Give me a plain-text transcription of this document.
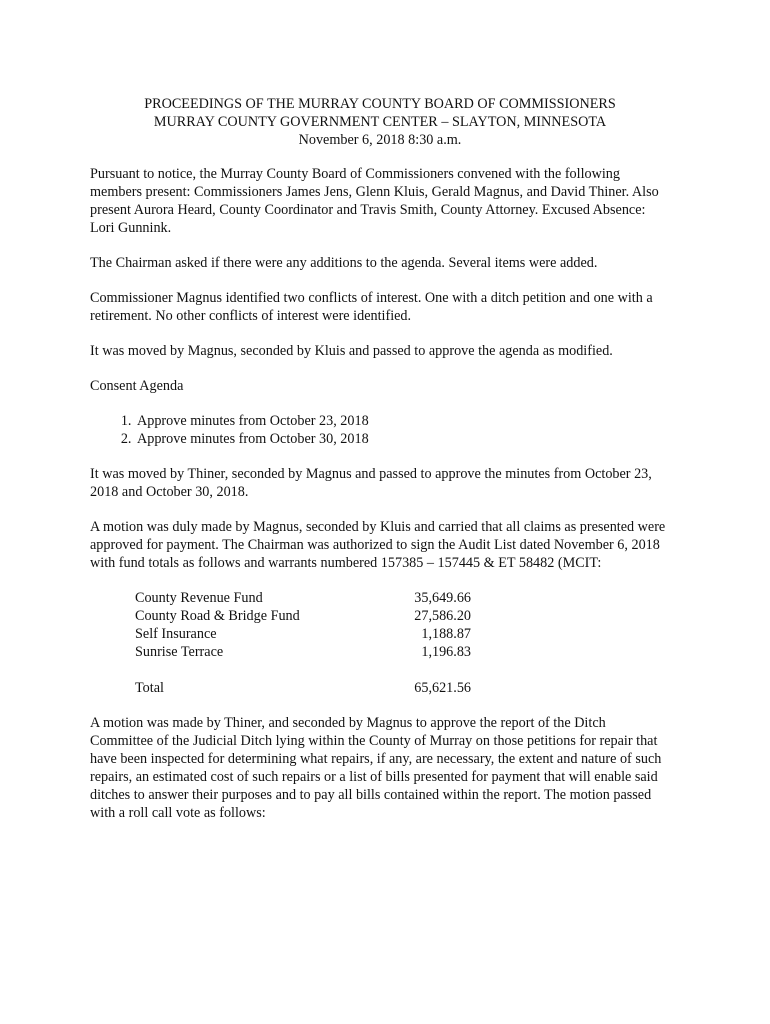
PROCEEDINGS OF THE MURRAY COUNTY BOARD OF COMMISSIONERS
MURRAY COUNTY GOVERNMENT CENTER – SLAYTON, MINNESOTA
November 6, 2018 8:30 a.m.

Pursuant to notice, the Murray County Board of Commissioners convened with the following members present: Commissioners James Jens, Glenn Kluis, Gerald Magnus, and David Thiner. Also present Aurora Heard, County Coordinator and Travis Smith, County Attorney. Excused Absence: Lori Gunnink.

The Chairman asked if there were any additions to the agenda. Several items were added.

Commissioner Magnus identified two conflicts of interest. One with a ditch petition and one with a retirement. No other conflicts of interest were identified.

It was moved by Magnus, seconded by Kluis and passed to approve the agenda as modified.

Consent Agenda

1. Approve minutes from October 23, 2018
2. Approve minutes from October 30, 2018

It was moved by Thiner, seconded by Magnus and passed to approve the minutes from October 23, 2018 and October 30, 2018.

A motion was duly made by Magnus, seconded by Kluis and carried that all claims as presented were approved for payment. The Chairman was authorized to sign the Audit List dated November 6, 2018 with fund totals as follows and warrants numbered 157385 – 157445 & ET 58482 (MCIT:

County Revenue Fund	35,649.66
County Road & Bridge Fund	27,586.20
Self Insurance	1,188.87
Sunrise Terrace	1,196.83
Total	65,621.56

A motion was made by Thiner, and seconded by Magnus to approve the report of the Ditch Committee of the Judicial Ditch lying within the County of Murray on those petitions for repair that have been inspected for determining what repairs, if any, are necessary, the extent and nature of such repairs, an estimated cost of such repairs or a list of bills presented for payment that will enable said ditches to answer their purposes and to pay all bills contained within the report. The motion passed with a roll call vote as follows:
